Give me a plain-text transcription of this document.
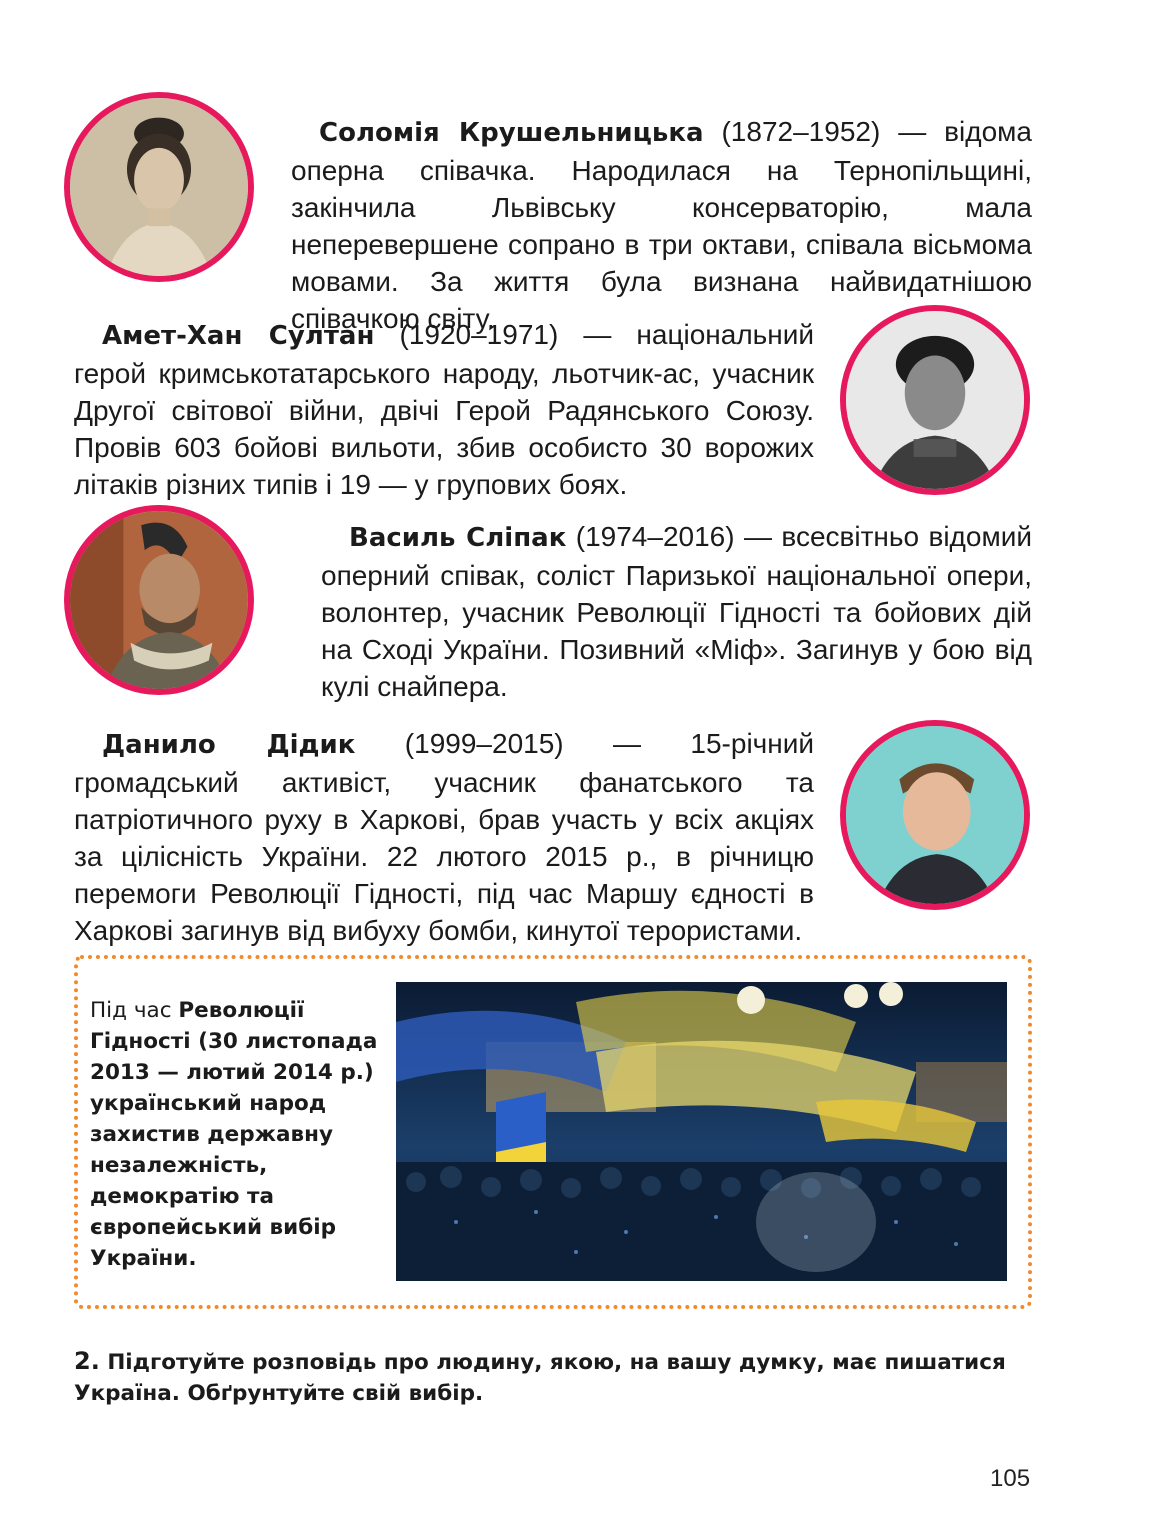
Соломія Крушельницька (1872–1952) — відома оперна співачка. Народилася на Тернопільщині, закінчила Львівську консерваторію, мала неперевершене сопрано в три октави, співала вісьмома мовами. За життя була визнана найвидатнішою співачкою світу.

Амет-Хан Султан (1920–1971) — національний герой кримськотатарського народу, льотчик-ас, учасник Другої світової війни, двічі Герой Радянського Союзу. Провів 603 бойові вильоти, збив особисто 30 ворожих літаків різних типів і 19 — у групових боях.

Василь Сліпак (1974–2016) — всесвітньо відомий оперний співак, соліст Паризької національної опери, волонтер, учасник Революції Гідності та бойових дій на Сході України. Позивний «Міф». Загинув у бою від кулі снайпера.

Данило Дідик (1999–2015) — 15-річний громадський активіст, учасник фанатського та патріотичного руху в Харкові, брав участь у всіх акціях за цілісність України. 22 лютого 2015 р., в річницю перемоги Революції Гідності, під час Маршу єдності в Харкові загинув від вибуху бомби, кинутої терористами.

Під час Революції Гідності (30 листопада 2013 — лютий 2014 р.) український народ захистив державну незалежність, демократію та європейський вибір України.

2. Підготуйте розповідь про людину, якою, на вашу думку, має пишатися Україна. Обґрунтуйте свій вибір.

105
